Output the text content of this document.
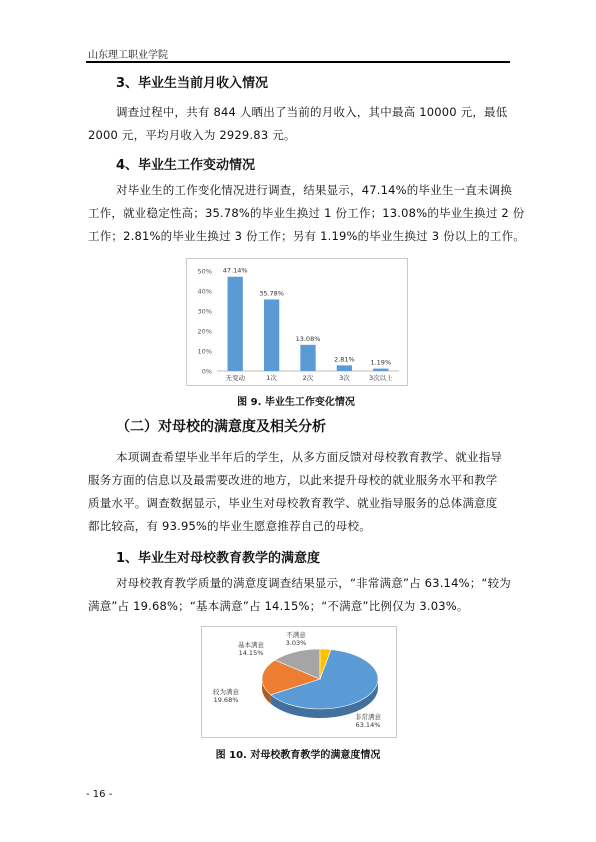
山东理工职业学院
3、毕业生当前月收入情况
调查过程中，共有 844 人晒出了当前的月收入，其中最高 10000 元，最低
2000 元，平均月收入为 2929.83 元。
4、毕业生工作变动情况
对毕业生的工作变化情况进行调查，结果显示，47.14%的毕业生一直未调换
工作，就业稳定性高；35.78%的毕业生换过 1 份工作；13.08%的毕业生换过 2 份
工作；2.81%的毕业生换过 3 份工作；另有 1.19%的毕业生换过 3 份以上的工作。
0%
10%
20%
30%
40%
50% 47.14%
无变动
35.78%
1次
13.08%
2次
2.81%
3次
1.19%
3次以上
图 9. 毕业生工作变化情况
（二）对母校的满意度及相关分析
本项调查希望毕业半年后的学生，从多方面反馈对母校教育教学、就业指导
服务方面的信息以及最需要改进的地方，以此来提升母校的就业服务水平和教学
质量水平。调查数据显示，毕业生对母校教育教学、就业指导服务的总体满意度
都比较高，有 93.95%的毕业生愿意推荐自己的母校。
1、毕业生对母校教育教学的满意度
对母校教育教学质量的满意度调查结果显示，“非常满意”占 63.14%；“较为
满意”占 19.68%；“基本满意”占 14.15%；“不满意”比例仅为 3.03%。
非常满意
63.14%
较为满意
19.68%
基本满意
14.15%
不满意
3.03%
图 10. 对母校教育教学的满意度情况
- 16 -
